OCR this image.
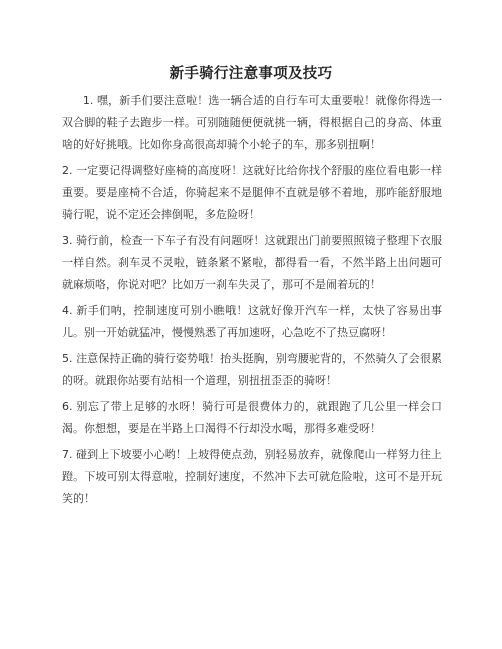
新手骑行注意事项及技巧

1. 嘿，新手们要注意啦！选一辆合适的自行车可太重要啦！就像你得选一双合脚的鞋子去跑步一样。可别随随便便就挑一辆，得根据自己的身高、体重啥的好好挑哦。比如你身高很高却骑个小轮子的车，那多别扭啊！

2. 一定要记得调整好座椅的高度呀！这就好比给你找个舒服的座位看电影一样重要。要是座椅不合适，你骑起来不是腿伸不直就是够不着地，那咋能舒服地骑行呢，说不定还会摔倒呢，多危险呀！

3. 骑行前，检查一下车子有没有问题呀！这就跟出门前要照照镜子整理下衣服一样自然。刹车灵不灵啦，链条紧不紧啦，都得看一看，不然半路上出问题可就麻烦咯，你说对吧？比如万一刹车失灵了，那可不是闹着玩的！

4. 新手们呐，控制速度可别小瞧哦！这就好像开汽车一样，太快了容易出事儿。别一开始就猛冲，慢慢熟悉了再加速呀，心急吃不了热豆腐呀！

5. 注意保持正确的骑行姿势哦！抬头挺胸，别弯腰驼背的，不然骑久了会很累的呀。就跟你站要有站相一个道理，别扭扭歪歪的骑呀！

6. 别忘了带上足够的水呀！骑行可是很费体力的，就跟跑了几公里一样会口渴。你想想，要是在半路上口渴得不行却没水喝，那得多难受呀！

7. 碰到上下坡要小心哟！上坡得使点劲，别轻易放弃，就像爬山一样努力往上蹬。下坡可别太得意啦，控制好速度，不然冲下去可就危险啦，这可不是开玩笑的！
